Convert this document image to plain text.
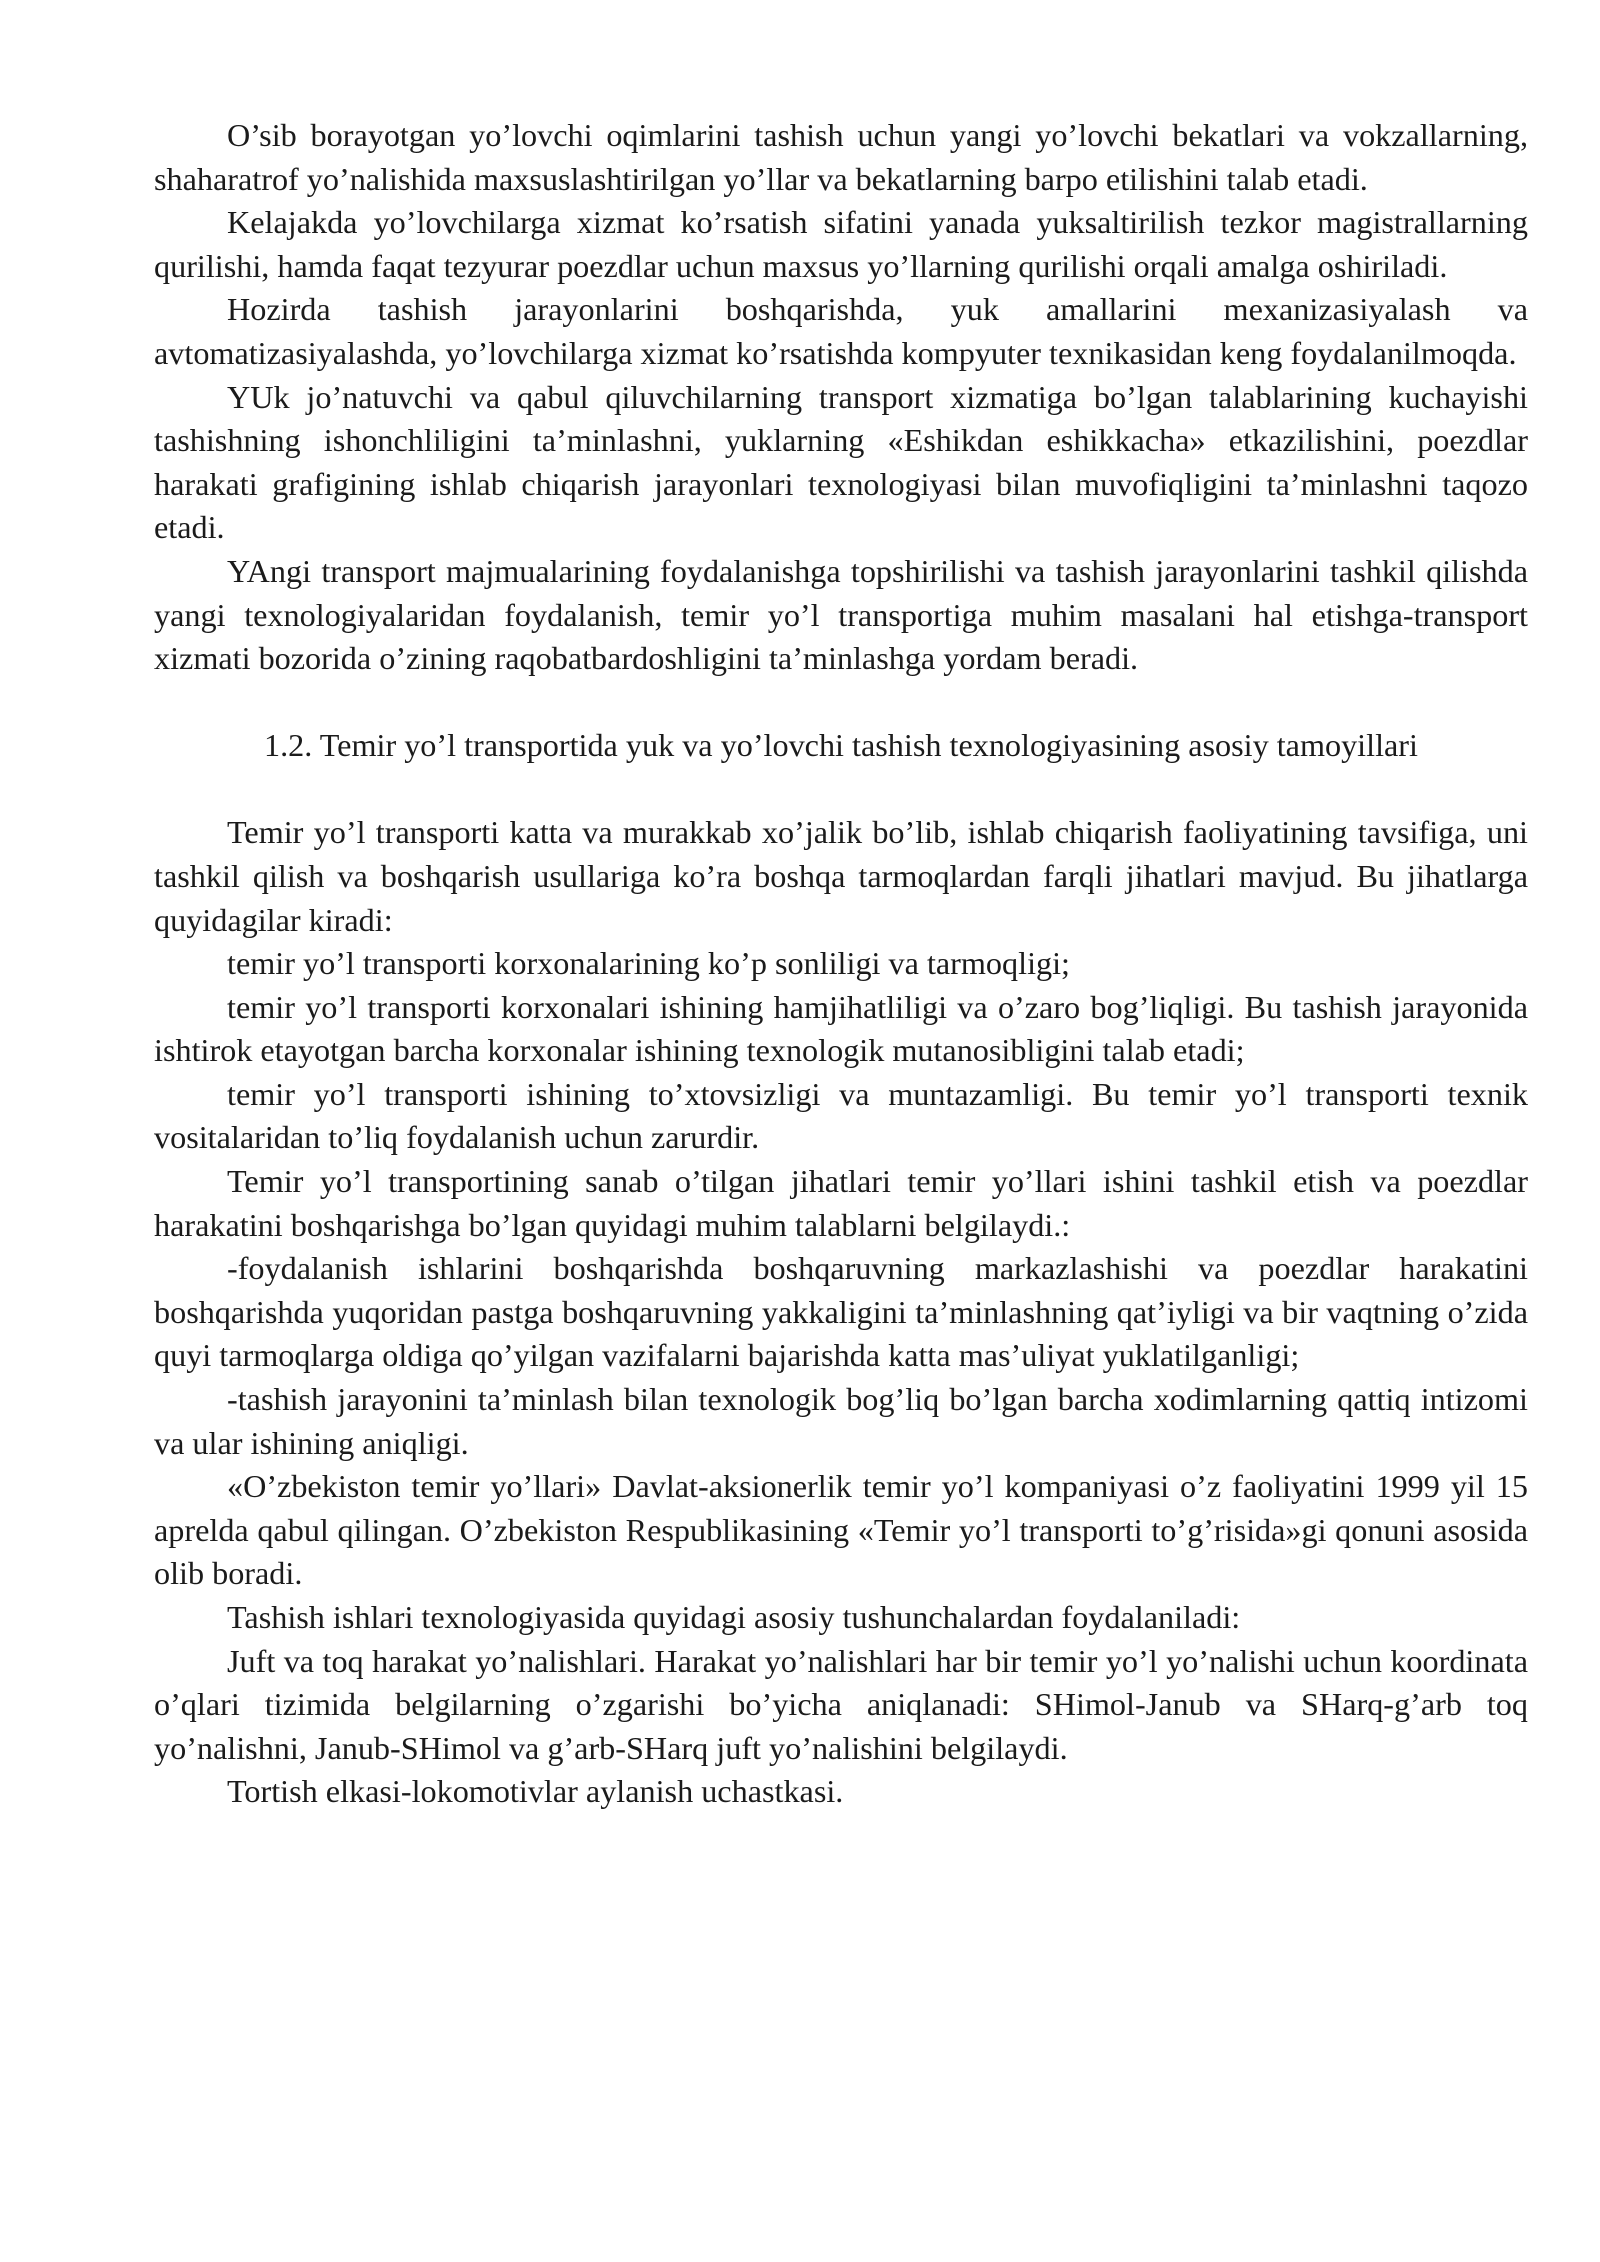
O’sib borayotgan yo’lovchi oqimlarini tashish uchun yangi yo’lovchi bekatlari va vokzallarning, shaharatrof yo’nalishida maxsuslashtirilgan yo’llar va bekatlarning barpo etilishini talab etadi.

Kelajakda yo’lovchilarga xizmat ko’rsatish sifatini yanada yuksaltirilish tezkor magistrallarning qurilishi, hamda faqat tezyurar poezdlar uchun maxsus yo’llarning qurilishi orqali amalga oshiriladi.

Hozirda tashish jarayonlarini boshqarishda, yuk amallarini mexanizasiyalash va avtomatizasiyalashda, yo’lovchilarga xizmat ko’rsatishda kompyuter texnikasidan keng foydalanilmoqda.

YUk jo’natuvchi va qabul qiluvchilarning transport xizmatiga bo’lgan talablarining kuchayishi tashishning ishonchliligini ta’minlashni, yuklarning «Eshikdan eshikkacha» etkazilishini, poezdlar harakati grafigining ishlab chiqarish jarayonlari texnologiyasi bilan muvofiqligini ta’minlashni taqozo etadi.

YAngi transport majmualarining foydalanishga topshirilishi va tashish jarayonlarini tashkil qilishda yangi texnologiyalaridan foydalanish, temir yo’l transportiga muhim masalani hal etishga-transport xizmati bozorida o’zining raqobatbardoshligini ta’minlashga yordam beradi.

1.2. Temir yo’l transportida yuk va yo’lovchi tashish texnologiyasining asosiy tamoyillari

Temir yo’l transporti katta va murakkab xo’jalik bo’lib, ishlab chiqarish faoliyatining tavsifiga, uni tashkil qilish va boshqarish usullariga ko’ra boshqa tarmoqlardan farqli jihatlari mavjud. Bu jihatlarga quyidagilar kiradi:

temir yo’l transporti korxonalarining ko’p sonliligi va tarmoqligi;

temir yo’l transporti korxonalari ishining hamjihatliligi va o’zaro bog’liqligi. Bu tashish jarayonida ishtirok etayotgan barcha korxonalar ishining texnologik mutanosibligini talab etadi;

temir yo’l transporti ishining to’xtovsizligi va muntazamligi. Bu temir yo’l transporti texnik vositalaridan to’liq foydalanish uchun zarurdir.

Temir yo’l transportining sanab o’tilgan jihatlari temir yo’llari ishini tashkil etish va poezdlar harakatini boshqarishga bo’lgan quyidagi muhim talablarni belgilaydi.:

-foydalanish ishlarini boshqarishda boshqaruvning markazlashishi va poezdlar harakatini boshqarishda yuqoridan pastga boshqaruvning yakkaligini ta’minlashning qat’iyligi va bir vaqtning o’zida quyi tarmoqlarga oldiga qo’yilgan vazifalarni bajarishda katta mas’uliyat yuklatilganligi;

-tashish jarayonini ta’minlash bilan texnologik bog’liq bo’lgan barcha xodimlarning qattiq intizomi va ular ishining aniqligi.

«O’zbekiston temir yo’llari» Davlat-aksionerlik temir yo’l kompaniyasi o’z faoliyatini 1999 yil 15 aprelda qabul qilingan. O’zbekiston Respublikasining «Temir yo’l transporti to’g’risida»gi qonuni asosida olib boradi.

Tashish ishlari texnologiyasida quyidagi asosiy tushunchalardan foydalaniladi:

Juft va toq harakat yo’nalishlari. Harakat yo’nalishlari har bir temir yo’l yo’nalishi uchun koordinata o’qlari tizimida belgilarning o’zgarishi bo’yicha aniqlanadi: SHimol-Janub va SHarq-g’arb toq yo’nalishni, Janub-SHimol va g’arb-SHarq juft yo’nalishini belgilaydi.

Tortish elkasi-lokomotivlar aylanish uchastkasi.
